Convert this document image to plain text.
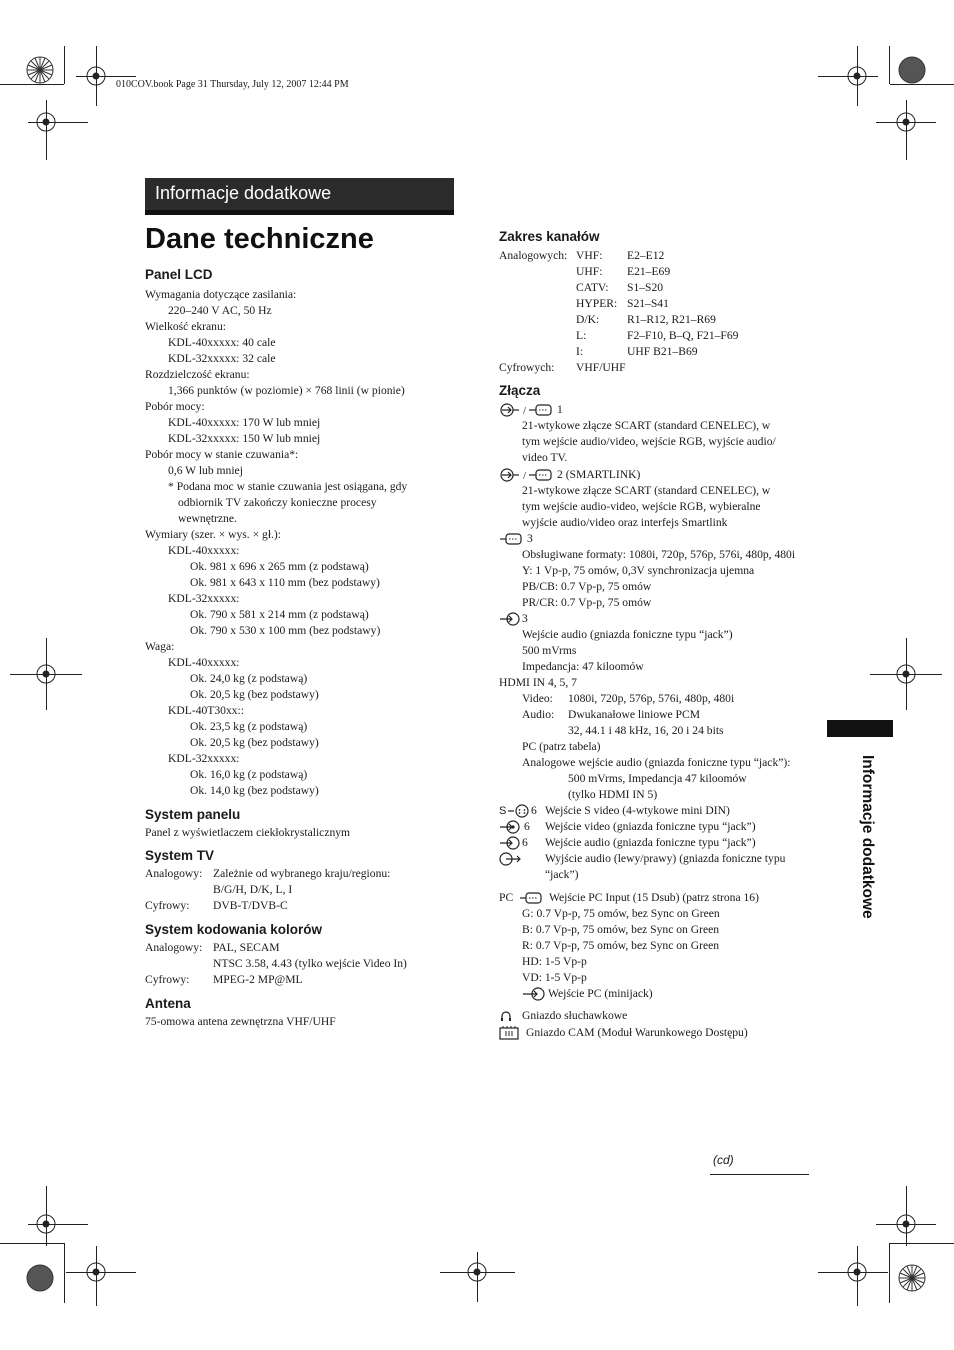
010COV.book Page 31 Thursday, July 12, 2007 12:44 PM
Informacje dodatkowe
Dane techniczne
Informacje dodatkowe
Panel LCD
Wymagania dotyczące zasilania:
220–240 V AC, 50 Hz
Wielkość ekranu:
KDL-40xxxxx: 40 cale
KDL-32xxxxx: 32 cale
Rozdzielczość ekranu:
1,366 punktów (w poziomie) × 768 linii (w pionie)
Pobór mocy:
KDL-40xxxxx: 170 W lub mniej
KDL-32xxxxx: 150 W lub mniej
Pobór mocy w stanie czuwania*:
0,6 W lub mniej
* Podana moc w stanie czuwania jest osiągana, gdy
odbiornik TV zakończy konieczne procesy
wewnętrzne.
Wymiary (szer. × wys. × gł.):
KDL-40xxxxx:
Ok. 981 x 696 x 265 mm (z podstawą)
Ok. 981 x 643 x 110 mm (bez podstawy)
KDL-32xxxxx:
Ok. 790 x 581 x 214 mm (z podstawą)
Ok. 790 x 530 x 100 mm (bez podstawy)
Waga:
KDL-40xxxxx:
Ok. 24,0 kg (z podstawą)
Ok. 20,5 kg (bez podstawy)
KDL-40T30xx::
Ok. 23,5 kg (z podstawą)
Ok. 20,5 kg (bez podstawy)
KDL-32xxxxx:
Ok. 16,0 kg (z podstawą)
Ok. 14,0 kg (bez podstawy)
System panelu
Panel z wyświetlaczem ciekłokrystalicznym
System TV
Analogowy: Zależnie od wybranego kraju/regionu:
B/G/H, D/K, L, I
Cyfrowy: DVB-T/DVB-C
System kodowania kolorów
Analogowy: PAL, SECAM
NTSC 3.58, 4.43 (tylko wejście Video In)
Cyfrowy: MPEG-2 MP@ML
Antena
75-omowa antena zewnętrzna VHF/UHF
Zakres kanałów
Analogowych: VHF: E2–E12
UHF: E21–E69
CATV: S1–S20
HYPER: S21–S41
D/K: R1–R12, R21–R69
L:	F2–F10, B–Q, F21–F69
I:	UHF B21–B69
Cyfrowych: VHF/UHF
Złącza
/	1
21-wtykowe złącze SCART (standard CENELEC), w
tym wejście audio/video, wejście RGB, wyjście audio/
video TV.
/	2 (SMARTLINK)
21-wtykowe złącze SCART (standard CENELEC), w
tym wejście audio-video, wejście RGB, wybieralne
wyjście audio/video oraz interfejs Smartlink
3
Obsługiwane formaty: 1080i, 720p, 576p, 576i, 480p, 480i
Y: 1 Vp-p, 75 omów, 0,3V synchronizacja ujemna
PB/CB: 0.7 Vp-p, 75 omów
PR/CR: 0.7 Vp-p, 75 omów
3
Wejście audio (gniazda foniczne typu “jack”)
500 mVrms
Impedancja: 47 kiloomów
HDMI IN 4, 5, 7
Video: 1080i, 720p, 576p, 576i, 480p, 480i
Audio: Dwukanałowe liniowe PCM
32, 44.1 i 48 kHz, 16, 20 i 24 bits
PC (patrz tabela)
Analogowe wejście audio (gniazda foniczne typu “jack”):
500 mVrms, Impedancja 47 kiloomów
(tylko HDMI IN 5)
S 6 Wejście S video (4-wtykowe mini DIN)
6 Wejście video (gniazda foniczne typu “jack”)
6 Wejście audio (gniazda foniczne typu “jack”)
Wyjście audio (lewy/prawy) (gniazda foniczne typu
“jack”)
PC	Wejście PC Input (15 Dsub) (patrz strona 16)
G: 0.7 Vp-p, 75 omów, bez Sync on Green
B: 0.7 Vp-p, 75 omów, bez Sync on Green
R: 0.7 Vp-p, 75 omów, bez Sync on Green
HD: 1-5 Vp-p
VD: 1-5 Vp-p
Wejście PC (minijack)
Gniazdo słuchawkowe
Gniazdo CAM (Moduł Warunkowego Dostępu)
(cd)
